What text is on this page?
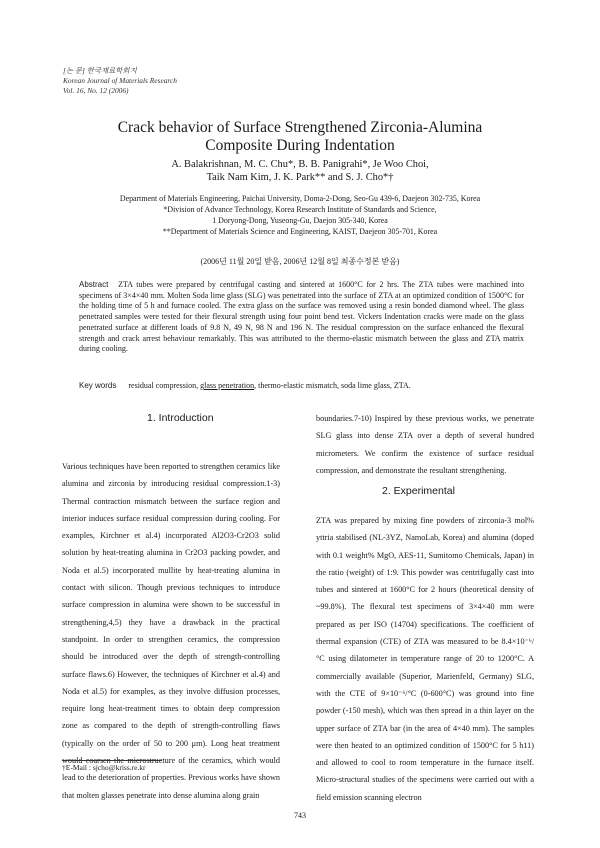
[논 문] 한국재료학회지
Korean Journal of Materials Research
Vol. 16, No. 12 (2006)
Crack behavior of Surface Strengthened Zirconia-Alumina
Composite During Indentation
A. Balakrishnan, M. C. Chu*, B. B. Panigrahi*, Je Woo Choi,
Taik Nam Kim, J. K. Park** and S. J. Cho*†
Department of Materials Engineering, Paichai University, Doma-2-Dong, Seo-Gu 439-6, Daejeon 302-735, Korea
*Division of Advance Technology, Korea Research Institute of Standards and Science,
1 Doryong-Dong, Yuseong-Gu, Daejon 305-340, Korea
**Department of Materials Science and Engineering, KAIST, Daejeon 305-701, Korea
(2006년 11월 20일 받음, 2006년 12월 8일 최종수정본 받음)
Abstract ZTA tubes were prepared by centrifugal casting and sintered at 1600°C for 2 hrs. The ZTA tubes were machined into specimens of 3×4×40 mm. Molten Soda lime glass (SLG) was penetrated into the surface of ZTA at an optimized condition of 1500°C for the holding time of 5 h and furnace cooled. The extra glass on the surface was removed using a resin bonded diamond wheel. The glass penetrated samples were tested for their flexural strength using four point bend test. Vickers Indentation cracks were made on the glass penetrated surface at different loads of 9.8 N, 49 N, 98 N and 196 N. The residual compression on the surface enhanced the flexural strength and crack arrest behaviour remarkably. This was attributed to the thermo-elastic mismatch between the glass and ZTA matrix during cooling.
Key words residual compression, glass penetration, thermo-elastic mismatch, soda lime glass, ZTA.
1. Introduction
Various techniques have been reported to strengthen ceramics like alumina and zirconia by introducing residual compression.1-3) Thermal contraction mismatch between the surface region and interior induces surface residual compression during cooling. For examples, Kirchner et al.4) incorporated Al2O3-Cr2O3 solid solution by heat-treating alumina in Cr2O3 packing powder, and Noda et al.5) incorporated mullite by heat-treating alumina in contact with silicon. Though previous techniques to introduce surface compression in alumina were shown to be successful in strengthening,4,5) they have a drawback in the practical standpoint. In order to strengthen ceramics, the compression should be introduced over the depth of strength-controlling surface flaws.6) However, the techniques of Kirchner et al.4) and Noda et al.5) for examples, as they involve diffusion processes, require long heat-treatment times to obtain deep compression zone as compared to the depth of strength-controlling flaws (typically on the order of 50 to 200 μm). Long heat treatment would coarsen the microstructure of the ceramics, which would lead to the deterioration of properties. Previous works have shown that molten glasses penetrate into dense alumina along grain
boundaries.7-10) Inspired by these previous works, we penetrate SLG glass into dense ZTA over a depth of several hundred micrometers. We confirm the existence of surface residual compression, and demonstrate the resultant strengthening.
2. Experimental
ZTA was prepared by mixing fine powders of zirconia-3 mol% yttria stabilised (NL-3YZ, NamoLab, Korea) and alumina (doped with 0.1 weight% MgO, AES-11, Sumitomo Chemicals, Japan) in the ratio (weight) of 1:9. This powder was centrifugally cast into tubes and sintered at 1600°C for 2 hours (theoretical density of ~99.8%). The flexural test specimens of 3×4×40 mm were prepared as per ISO (14704) specifications. The coefficient of thermal expansion (CTE) of ZTA was measured to be 8.4×10⁻⁶/°C using dilatometer in temperature range of 20 to 1200°C. A commercially available (Superior, Marienfeld, Germany) SLG, with the CTE of 9×10⁻⁶/°C (0-600°C) was ground into fine powder (-150 mesh), which was then spread in a thin layer on the upper surface of ZTA bar (in the area of 4×40 mm). The samples were then heated to an optimized condition of 1500°C for 5 h11) and allowed to cool to room temperature in the furnace itself. Micro-structural studies of the specimens were carried out with a field emission scanning electron
†E-Mail : sjcho@kriss.re.kr
743
